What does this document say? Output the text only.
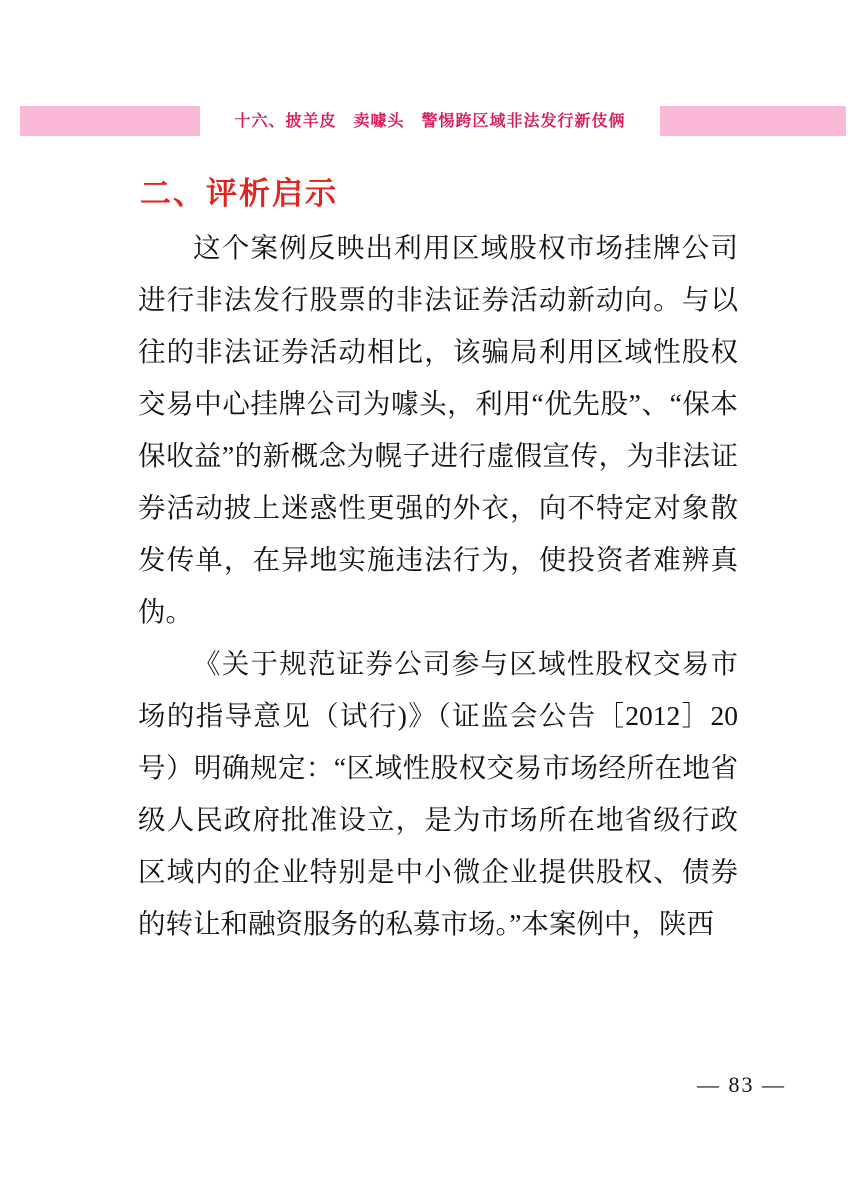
十六、披羊皮　卖噱头　警惕跨区域非法发行新伎俩
二、评析启示

这个案例反映出利用区域股权市场挂牌公司进行非法发行股票的非法证券活动新动向。与以往的非法证券活动相比，该骗局利用区域性股权交易中心挂牌公司为噱头，利用“优先股”、“保本保收益”的新概念为幌子进行虚假宣传，为非法证券活动披上迷惑性更强的外衣，向不特定对象散发传单，在异地实施违法行为，使投资者难辨真伪。

《关于规范证券公司参与区域性股权交易市场的指导意见（试行)》（证监会公告［2012］20 号）明确规定：“区域性股权交易市场经所在地省级人民政府批准设立，是为市场所在地省级行政区域内的企业特别是中小微企业提供股权、债券的转让和融资服务的私募市场。”本案例中，陕西

— 83 —
